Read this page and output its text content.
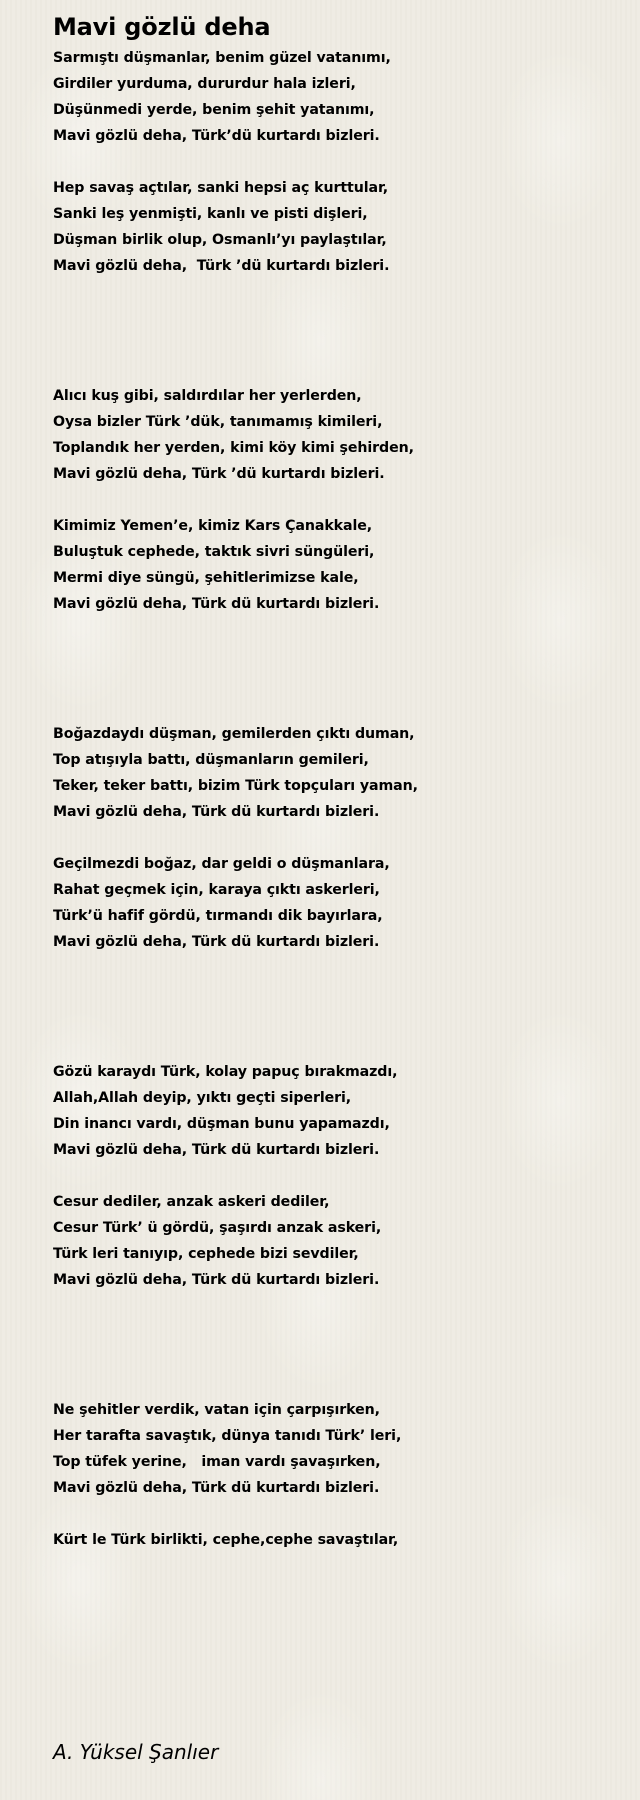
Mavi gözlü deha
Sarmıştı düşmanlar, benim güzel vatanımı,
Girdiler yurduma, dururdur hala izleri,
Düşünmedi yerde, benim şehit yatanımı,
Mavi gözlü deha, Türk’dü kurtardı bizleri.
Hep savaş açtılar, sanki hepsi aç kurttular,
Sanki leş yenmişti, kanlı ve pisti dişleri,
Düşman birlik olup, Osmanlı’yı paylaştılar,
Mavi gözlü deha,  Türk ’dü kurtardı bizleri.
Alıcı kuş gibi, saldırdılar her yerlerden,
Oysa bizler Türk ’dük, tanımamış kimileri,
Toplandık her yerden, kimi köy kimi şehirden,
Mavi gözlü deha, Türk ’dü kurtardı bizleri.
Kimimiz Yemen’e, kimiz Kars Çanakkale,
Buluştuk cephede, taktık sivri süngüleri,
Mermi diye süngü, şehitlerimizse kale,
Mavi gözlü deha, Türk dü kurtardı bizleri.
Boğazdaydı düşman, gemilerden çıktı duman,
Top atışıyla battı, düşmanların gemileri,
Teker, teker battı, bizim Türk topçuları yaman,
Mavi gözlü deha, Türk dü kurtardı bizleri.
Geçilmezdi boğaz, dar geldi o düşmanlara,
Rahat geçmek için, karaya çıktı askerleri,
Türk’ü hafif gördü, tırmandı dik bayırlara,
Mavi gözlü deha, Türk dü kurtardı bizleri.
Gözü karaydı Türk, kolay papuç bırakmazdı,
Allah,Allah deyip, yıktı geçti siperleri,
Din inancı vardı, düşman bunu yapamazdı,
Mavi gözlü deha, Türk dü kurtardı bizleri.
Cesur dediler, anzak askeri dediler,
Cesur Türk’ ü gördü, şaşırdı anzak askeri,
Türk leri tanıyıp, cephede bizi sevdiler,
Mavi gözlü deha, Türk dü kurtardı bizleri.
Ne şehitler verdik, vatan için çarpışırken,
Her tarafta savaştık, dünya tanıdı Türk’ leri,
Top tüfek yerine,   iman vardı şavaşırken,
Mavi gözlü deha, Türk dü kurtardı bizleri.
Kürt le Türk birlikti, cephe,cephe savaştılar,
A. Yüksel Şanlıer
